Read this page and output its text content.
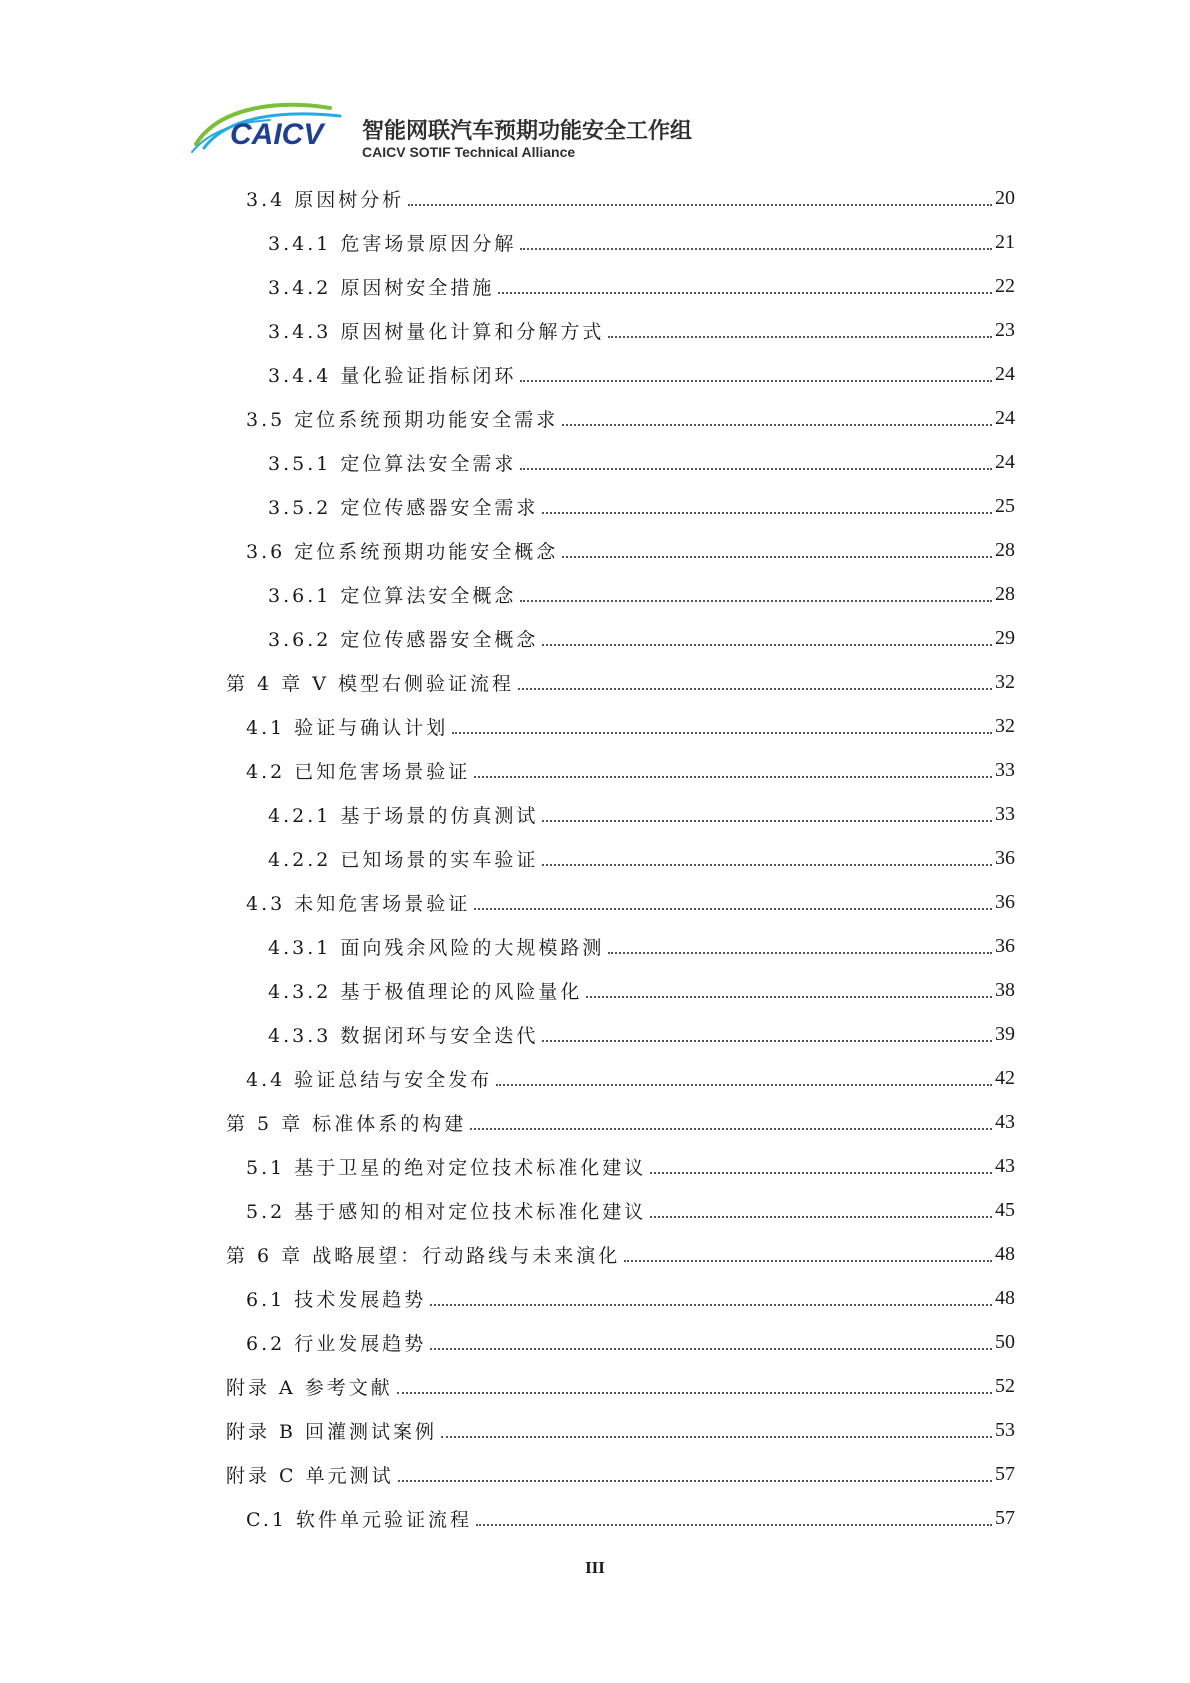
CAICV 智能网联汽车预期功能安全工作组
CAICV SOTIF Technical Alliance
3.4 原因树分析	20
3.4.1 危害场景原因分解	21
3.4.2 原因树安全措施	22
3.4.3 原因树量化计算和分解方式	23
3.4.4 量化验证指标闭环	24
3.5 定位系统预期功能安全需求	24
3.5.1 定位算法安全需求	24
3.5.2 定位传感器安全需求	25
3.6 定位系统预期功能安全概念	28
3.6.1 定位算法安全概念	28
3.6.2 定位传感器安全概念	29
第 4 章 V 模型右侧验证流程	32
4.1 验证与确认计划	32
4.2 已知危害场景验证	33
4.2.1 基于场景的仿真测试	33
4.2.2 已知场景的实车验证	36
4.3 未知危害场景验证	36
4.3.1 面向残余风险的大规模路测	36
4.3.2 基于极值理论的风险量化	38
4.3.3 数据闭环与安全迭代	39
4.4 验证总结与安全发布	42
第 5 章 标准体系的构建	43
5.1 基于卫星的绝对定位技术标准化建议	43
5.2 基于感知的相对定位技术标准化建议	45
第 6 章 战略展望：行动路线与未来演化	48
6.1 技术发展趋势	48
6.2 行业发展趋势	50
附录 A 参考文献	52
附录 B 回灌测试案例	53
附录 C 单元测试	57
C.1 软件单元验证流程	57
III
